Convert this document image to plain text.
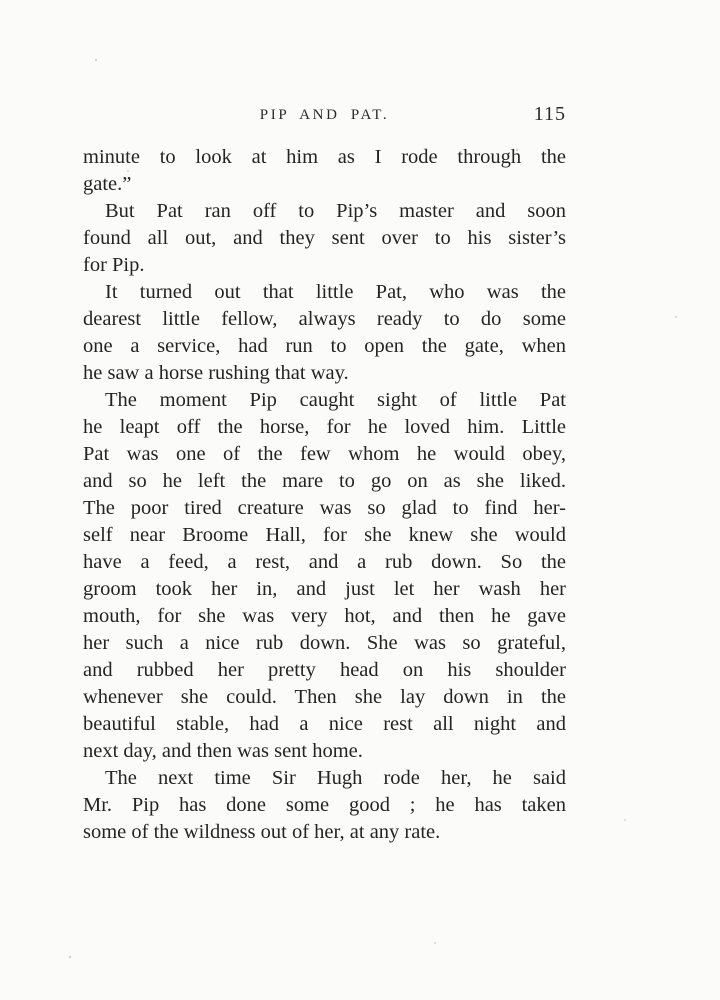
PIP AND PAT.	115
minute to look at him as I rode through the
gate.”
But Pat ran off to Pip’s master and soon
found all out, and they sent over to his sister’s
for Pip.
It turned out that little Pat, who was the
dearest little fellow, always ready to do some
one a service, had run to open the gate, when
he saw a horse rushing that way.
The moment Pip caught sight of little Pat
he leapt off the horse, for he loved him. Little
Pat was one of the few whom he would obey,
and so he left the mare to go on as she liked.
The poor tired creature was so glad to find her-
self near Broome Hall, for she knew she would
have a feed, a rest, and a rub down. So the
groom took her in, and just let her wash her
mouth, for she was very hot, and then he gave
her such a nice rub down. She was so grateful,
and rubbed her pretty head on his shoulder
whenever she could. Then she lay down in the
beautiful stable, had a nice rest all night and
next day, and then was sent home.
The next time Sir Hugh rode her, he said
Mr. Pip has done some good ; he has taken
some of the wildness out of her, at any rate.
